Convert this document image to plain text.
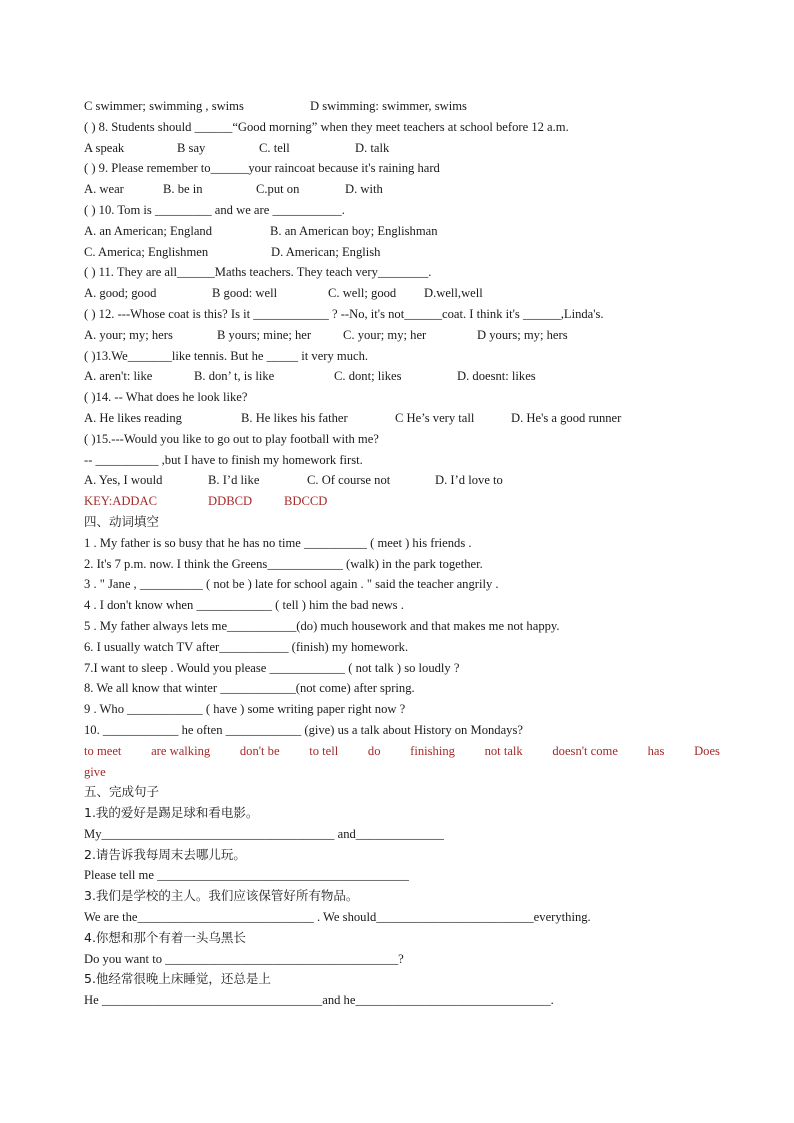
C swimmer; swimming , swims	D swimming: swimmer, swims
( ) 8. Students should ______“Good morning” when they meet teachers at school before 12 a.m.
A speak	B say	C. tell	D. talk
( ) 9. Please remember to______your raincoat because it's raining hard
A. wear	B. be in	C.put on	D. with
( ) 10. Tom is _________ and we are ___________.
A. an American; England	B. an American boy; Englishman
C. America; Englishmen	D. American; English
( ) 11. They are all______Maths teachers. They teach very________.
A. good; good	B good: well	C. well; good	D.well,well
( ) 12. ---Whose coat is this? Is it ____________ ? --No, it's not______coat. I think it's ______,Linda's.
A. your; my; hers	B yours; mine; her	C. your; my; her	D yours; my; hers
( )13.We_______like tennis. But he _____ it very much.
A. aren't: like	B. don’ t, is like	C. dont; likes	D. doesnt: likes
( )14. -- What does he look like?
A. He likes reading	B. He likes his father	C He’s very tall	D. He's a good runner
( )15.---Would you like to go out to play football with me?
-- __________ ,but I have to finish my homework first.
A. Yes, I would	B. I’d like	C. Of course not	D. I’d love to
KEY:ADDAC	DDBCD	BDCCD
四、动词填空
1 . My father is so busy that he has no time __________ ( meet ) his friends .
2. It's 7 p.m. now. I think the Greens____________ (walk) in the park together.
3 . " Jane , __________ ( not be ) late for school again . " said the teacher angrily .
4 . I don't know when ____________ ( tell ) him the bad news .
5 . My father always lets me___________(do) much housework and that makes me not happy.
6. I usually watch TV after___________ (finish) my homework.
7.I want to sleep . Would you please ____________ ( not talk ) so loudly ?
8. We all know that winter ____________(not come) after spring.
9 . Who ____________ ( have ) some writing paper right now ?
10. ____________ he often ____________ (give) us a talk about History on Mondays?
to meet are walking don't be to tell do finishing not talk doesn't come has Does
give
五、完成句子
1.我的爱好是踢足球和看电影。
My_____________________________________ and______________
2.请告诉我每周末去哪儿玩。
Please tell me ________________________________________
3.我们是学校的主人。我们应该保管好所有物品。
We are the____________________________ . We should_________________________everything.
4.你想和那个有着一头乌黑长
Do you want to _____________________________________?
5.他经常很晚上床睡觉，还总是上
He ___________________________________and he_______________________________.
